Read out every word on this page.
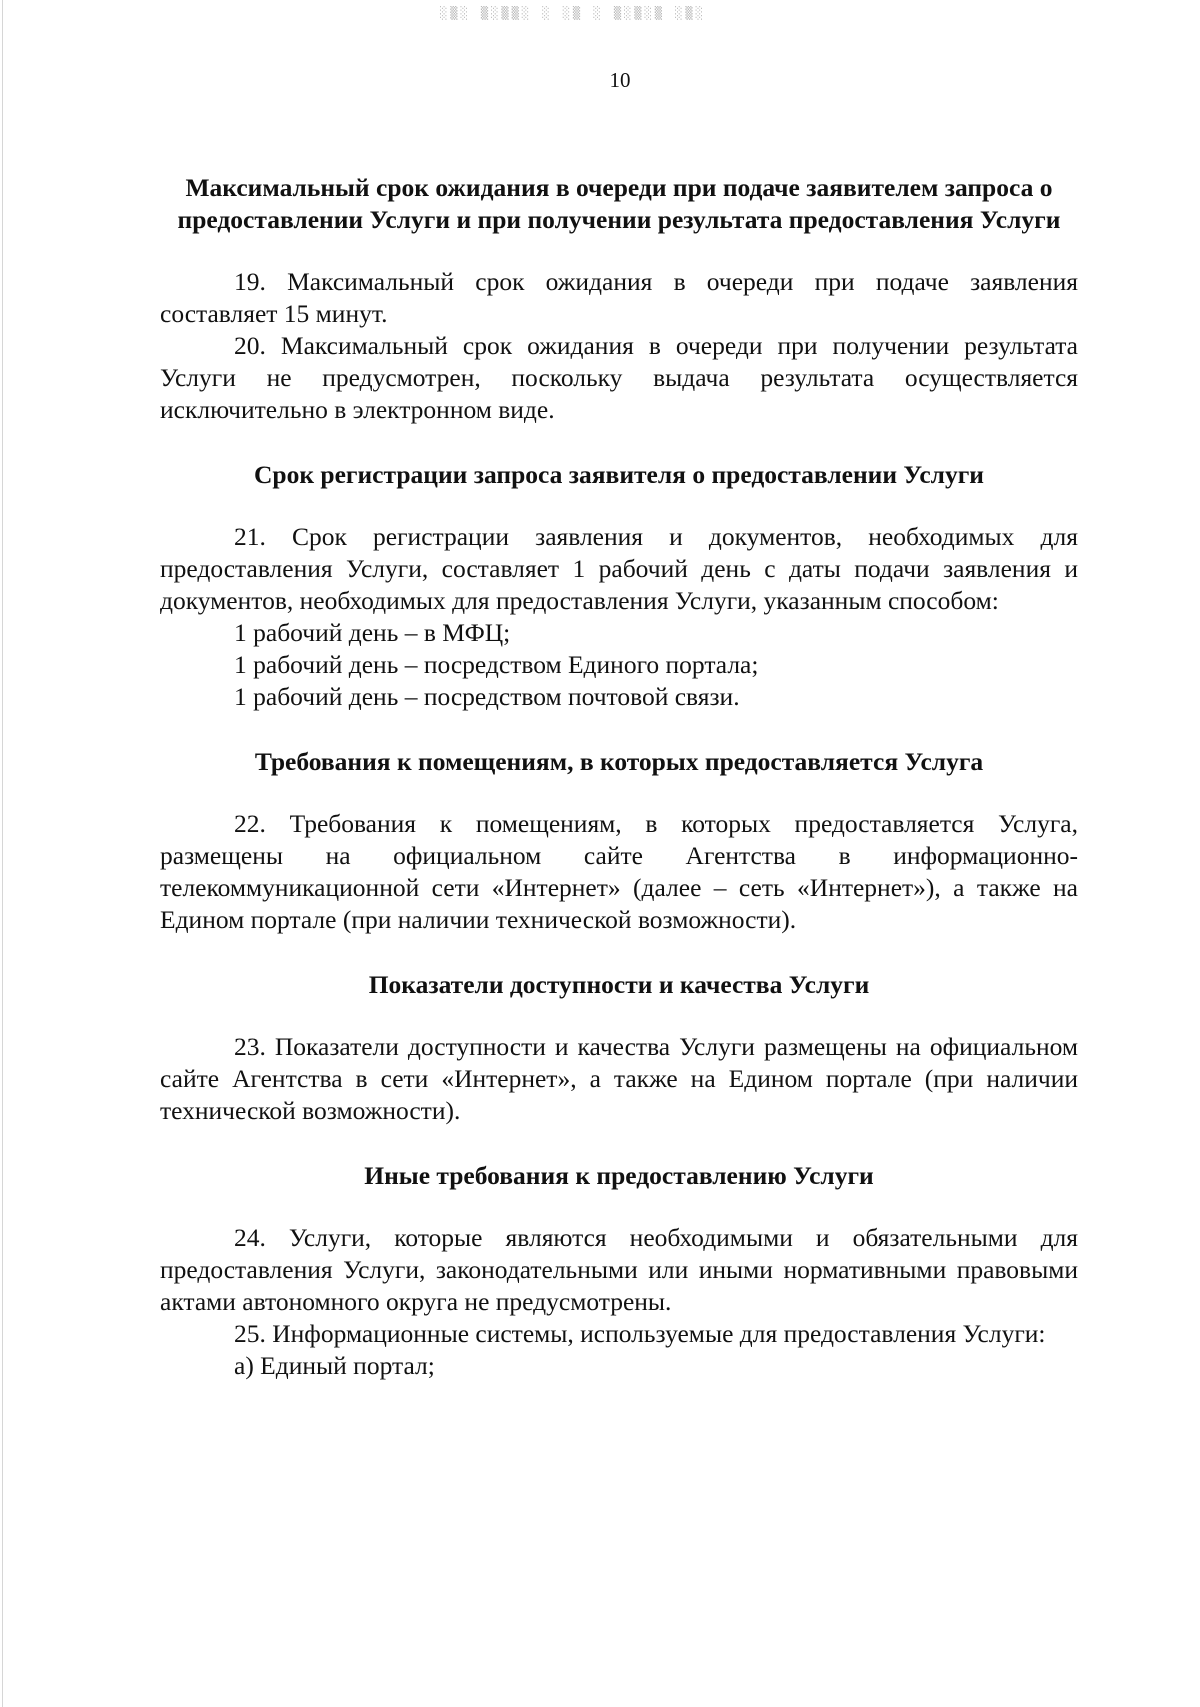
░▒░ ▒░▒▒░ ░ ░▒ ░ ▒░▒░▒ ░▒░
10

Максимальный срок ожидания в очереди при подаче заявителем запроса о предоставлении Услуги и при получении результата предоставления Услуги

19. Максимальный срок ожидания в очереди при подаче заявления составляет 15 минут.

20. Максимальный срок ожидания в очереди при получении результата Услуги не предусмотрен, поскольку выдача результата осуществляется исключительно в электронном виде.

Срок регистрации запроса заявителя о предоставлении Услуги

21. Срок регистрации заявления и документов, необходимых для предоставления Услуги, составляет 1 рабочий день с даты подачи заявления и документов, необходимых для предоставления Услуги, указанным способом:

1 рабочий день – в МФЦ;

1 рабочий день – посредством Единого портала;

1 рабочий день – посредством почтовой связи.

Требования к помещениям, в которых предоставляется Услуга

22. Требования к помещениям, в которых предоставляется Услуга, размещены на официальном сайте Агентства в информационно-телекоммуникационной сети «Интернет» (далее – сеть «Интернет»), а также на Едином портале (при наличии технической возможности).

Показатели доступности и качества Услуги

23. Показатели доступности и качества Услуги размещены на официальном сайте Агентства в сети «Интернет», а также на Едином портале (при наличии технической возможности).

Иные требования к предоставлению Услуги

24. Услуги, которые являются необходимыми и обязательными для предоставления Услуги, законодательными или иными нормативными правовыми актами автономного округа не предусмотрены.

25. Информационные системы, используемые для предоставления Услуги:

а) Единый портал;
